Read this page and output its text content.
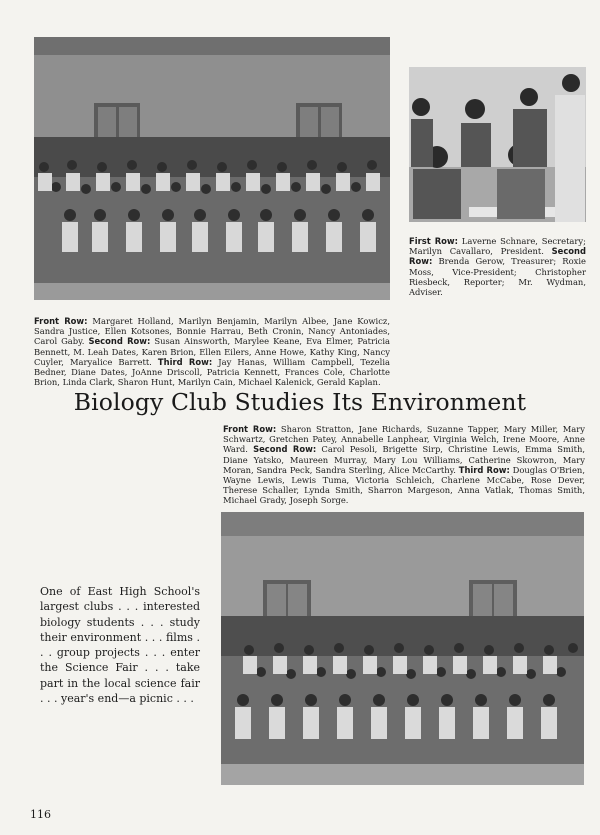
First Row: Laverne Schnare, Secretary; Marilyn Cavallaro, President. Second Row: Brenda Gerow, Treasurer; Roxie Moss, Vice-President; Christopher Riesbeck, Reporter; Mr. Wydman, Adviser.

Front Row: Margaret Holland, Marilyn Benjamin, Marilyn Albee, Jane Kowicz, Sandra Justice, Ellen Kotsones, Bonnie Harrau, Beth Cronin, Nancy Antoniades, Carol Gaby. Second Row: Susan Ainsworth, Marylee Keane, Eva Elmer, Patricia Bennett, M. Leah Dates, Karen Brion, Ellen Eilers, Anne Howe, Kathy King, Nancy Cuyler, Maryalice Barrett. Third Row: Jay Hanas, William Campbell, Tezelia Bedner, Diane Dates, JoAnne Driscoll, Patricia Kennett, Frances Cole, Charlotte Brion, Linda Clark, Sharon Hunt, Marilyn Cain, Michael Kalenick, Gerald Kaplan.

Biology Club Studies Its Environment

Front Row: Sharon Stratton, Jane Richards, Suzanne Tapper, Mary Miller, Mary Schwartz, Gretchen Patey, Annabelle Lanphear, Virginia Welch, Irene Moore, Anne Ward. Second Row: Carol Pesoli, Brigette Sirp, Christine Lewis, Emma Smith, Diane Yatsko, Maureen Murray, Mary Lou Williams, Catherine Skowron, Mary Moran, Sandra Peck, Sandra Sterling, Alice McCarthy. Third Row: Douglas O'Brien, Wayne Lewis, Lewis Tuma, Victoria Schleich, Charlene McCabe, Rose Dever, Therese Schaller, Lynda Smith, Sharron Margeson, Anna Vatlak, Thomas Smith, Michael Grady, Joseph Sorge.

One of East High School's largest clubs . . . interested biology students . . . study their environment . . . films . . . group projects . . . enter the Science Fair . . . take part in the local science fair . . . year's end—a picnic . . .

116
